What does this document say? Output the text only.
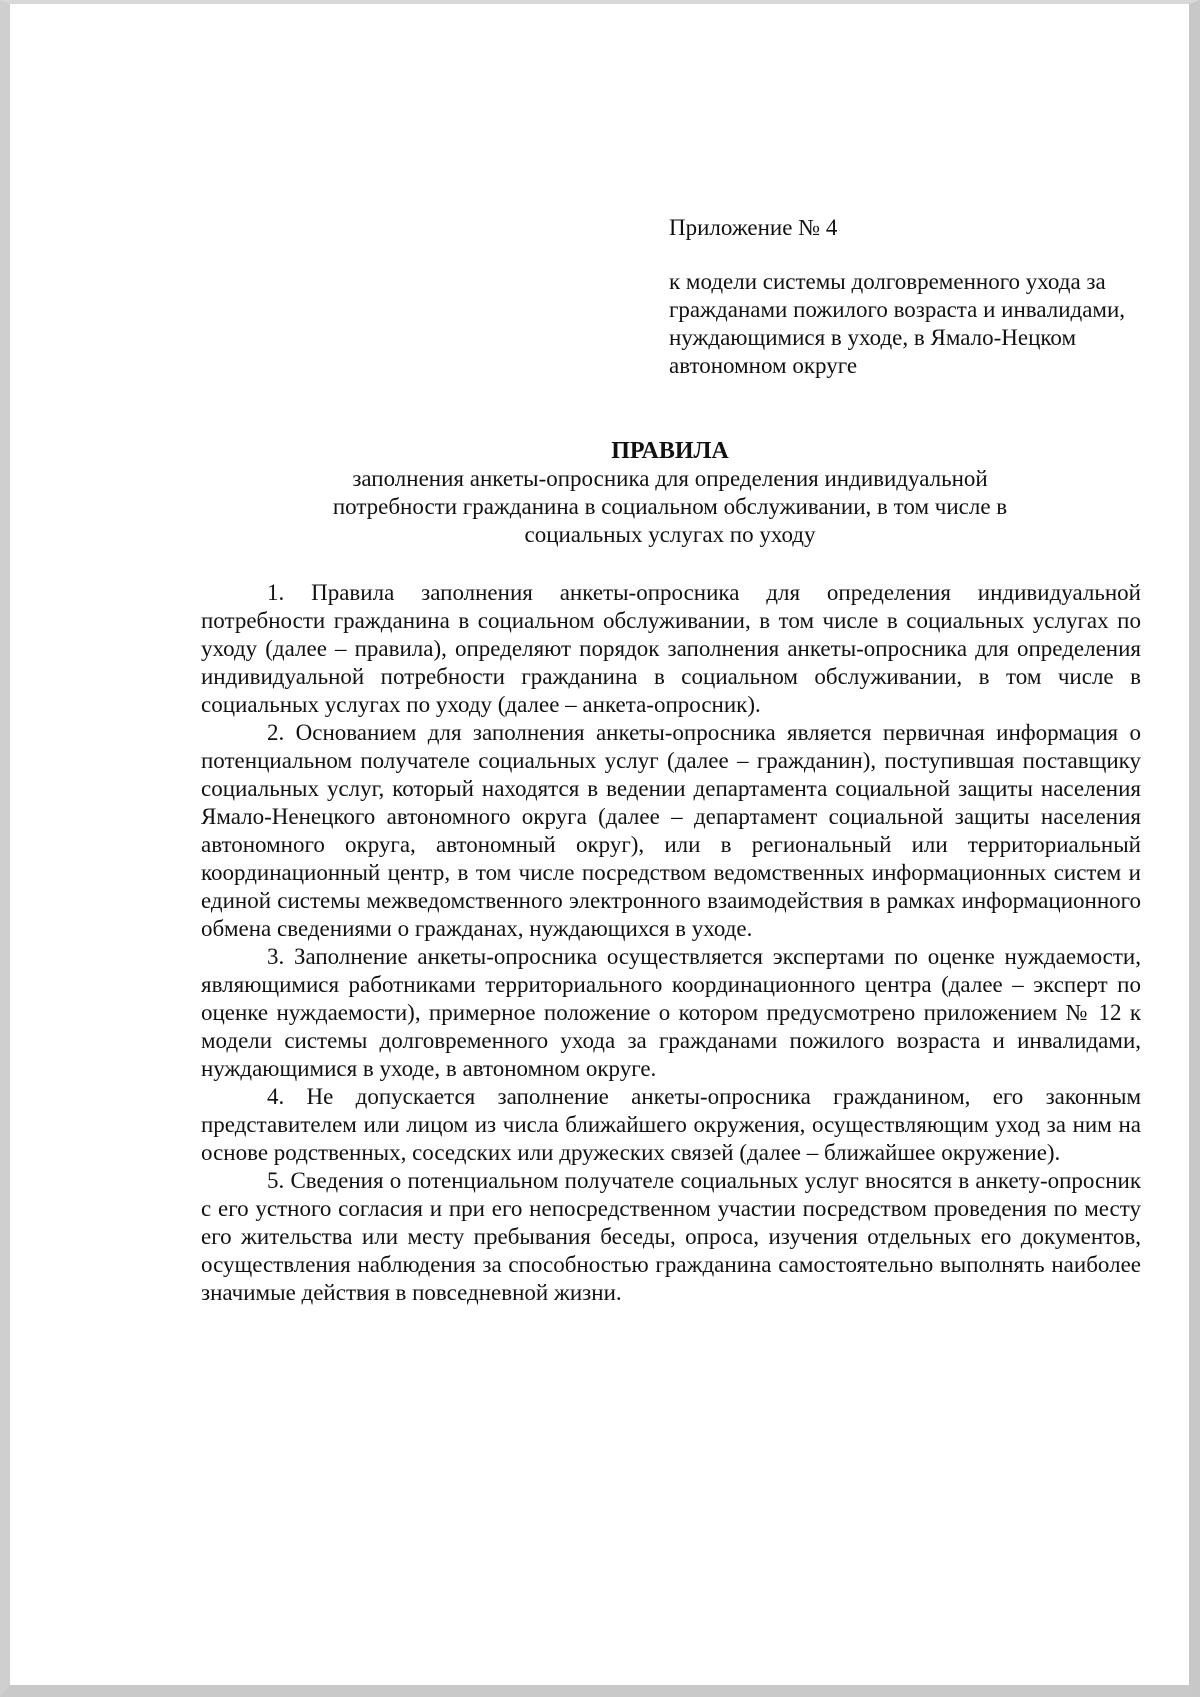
Приложение № 4

к модели системы долговременного ухода за гражданами пожилого возраста и инвалидами, нуждающимися в уходе, в Ямало-Нецком автономном округе

ПРАВИЛА

заполнения анкеты-опросника для определения индивидуальной потребности гражданина в социальном обслуживании, в том числе в социальных услугах по уходу

1. Правила заполнения анкеты-опросника для определения индивидуальной потребности гражданина в социальном обслуживании, в том числе в социальных услугах по уходу (далее – правила), определяют порядок заполнения анкеты-опросника для определения индивидуальной потребности гражданина в социальном обслуживании, в том числе в социальных услугах по уходу (далее – анкета-опросник).

2. Основанием для заполнения анкеты-опросника является первичная информация о потенциальном получателе социальных услуг (далее – гражданин), поступившая поставщику социальных услуг, который находятся в ведении департамента социальной защиты населения Ямало-Ненецкого автономного округа (далее – департамент социальной защиты населения автономного округа, автономный округ), или в региональный или территориальный координационный центр, в том числе посредством ведомственных информационных систем и единой системы межведомственного электронного взаимодействия в рамках информационного обмена сведениями о гражданах, нуждающихся в уходе.

3. Заполнение анкеты-опросника осуществляется экспертами по оценке нуждаемости, являющимися работниками территориального координационного центра (далее – эксперт по оценке нуждаемости), примерное положение о котором предусмотрено приложением № 12 к модели системы долговременного ухода за гражданами пожилого возраста и инвалидами, нуждающимися в уходе, в автономном округе.

4. Не допускается заполнение анкеты-опросника гражданином, его законным представителем или лицом из числа ближайшего окружения, осуществляющим уход за ним на основе родственных, соседских или дружеских связей (далее – ближайшее окружение).

5. Сведения о потенциальном получателе социальных услуг вносятся в анкету-опросник с его устного согласия и при его непосредственном участии посредством проведения по месту его жительства или месту пребывания беседы, опроса, изучения отдельных его документов, осуществления наблюдения за способностью гражданина самостоятельно выполнять наиболее значимые действия в повседневной жизни.
